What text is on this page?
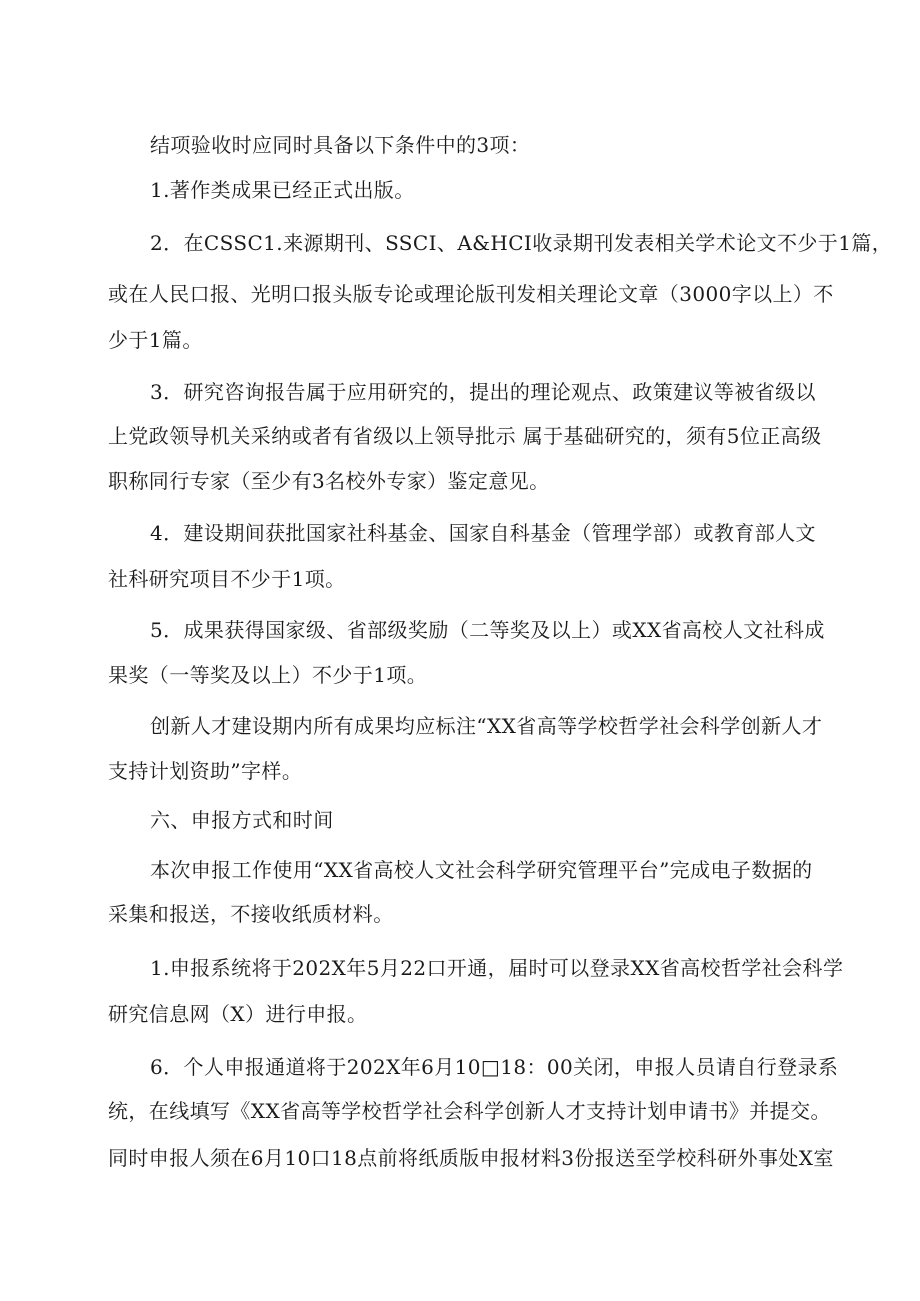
结项验收时应同时具备以下条件中的3项：
1.著作类成果已经正式出版。
2．在CSSC1.来源期刊、SSCI、A&HCI收录期刊发表相关学术论文不少于1篇，
或在人民口报、光明口报头版专论或理论版刊发相关理论文章（3000字以上）不
少于1篇。
3．研究咨询报告属于应用研究的，提出的理论观点、政策建议等被省级以
上党政领导机关采纳或者有省级以上领导批示 属于基础研究的，须有5位正高级
职称同行专家（至少有3名校外专家）鉴定意见。
4．建设期间获批国家社科基金、国家自科基金（管理学部）或教育部人文
社科研究项目不少于1项。
5．成果获得国家级、省部级奖励（二等奖及以上）或XX省高校人文社科成
果奖（一等奖及以上）不少于1项。
创新人才建设期内所有成果均应标注“XX省高等学校哲学社会科学创新人才
支持计划资助”字样。
六、申报方式和时间
本次申报工作使用“XX省高校人文社会科学研究管理平台”完成电子数据的
采集和报送，不接收纸质材料。
1.申报系统将于202X年5月22口开通，届时可以登录XX省高校哲学社会科学
研究信息网（X）进行申报。
6．个人申报通道将于202X年6月10□18：00关闭，申报人员请自行登录系
统，在线填写《XX省高等学校哲学社会科学创新人才支持计划申请书》并提交。
同时申报人须在6月10口18点前将纸质版申报材料3份报送至学校科研外事处X室
